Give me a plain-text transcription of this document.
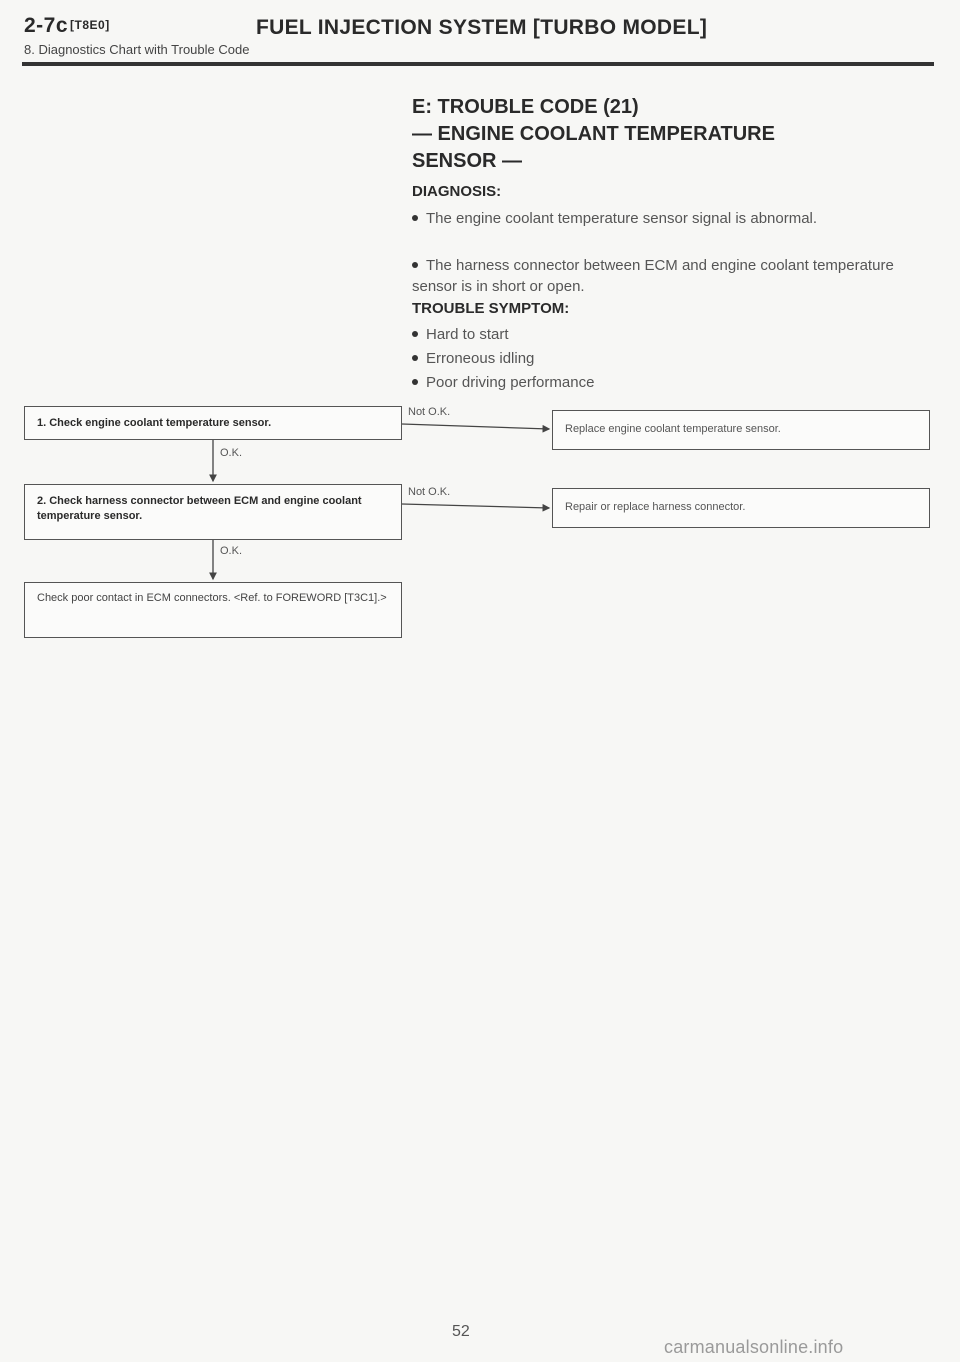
2-7c [T8E0]	FUEL INJECTION SYSTEM [TURBO MODEL]
8. Diagnostics Chart with Trouble Code
E: TROUBLE CODE (21)
— ENGINE COOLANT TEMPERATURE
SENSOR —
DIAGNOSIS:
The engine coolant temperature sensor signal is abnormal.
The harness connector between ECM and engine coolant temperature sensor is in short or open.
TROUBLE SYMPTOM:
Hard to start
Erroneous idling
Poor driving performance
1. Check engine coolant temperature sensor.
2. Check harness connector between ECM and engine coolant temperature sensor.
Check poor contact in ECM connectors. <Ref. to FOREWORD [T3C1].>
Replace engine coolant temperature sensor.
Repair or replace harness connector.
Not O.K.
Not O.K.
O.K.
O.K.
52
carmanualsonline.info
